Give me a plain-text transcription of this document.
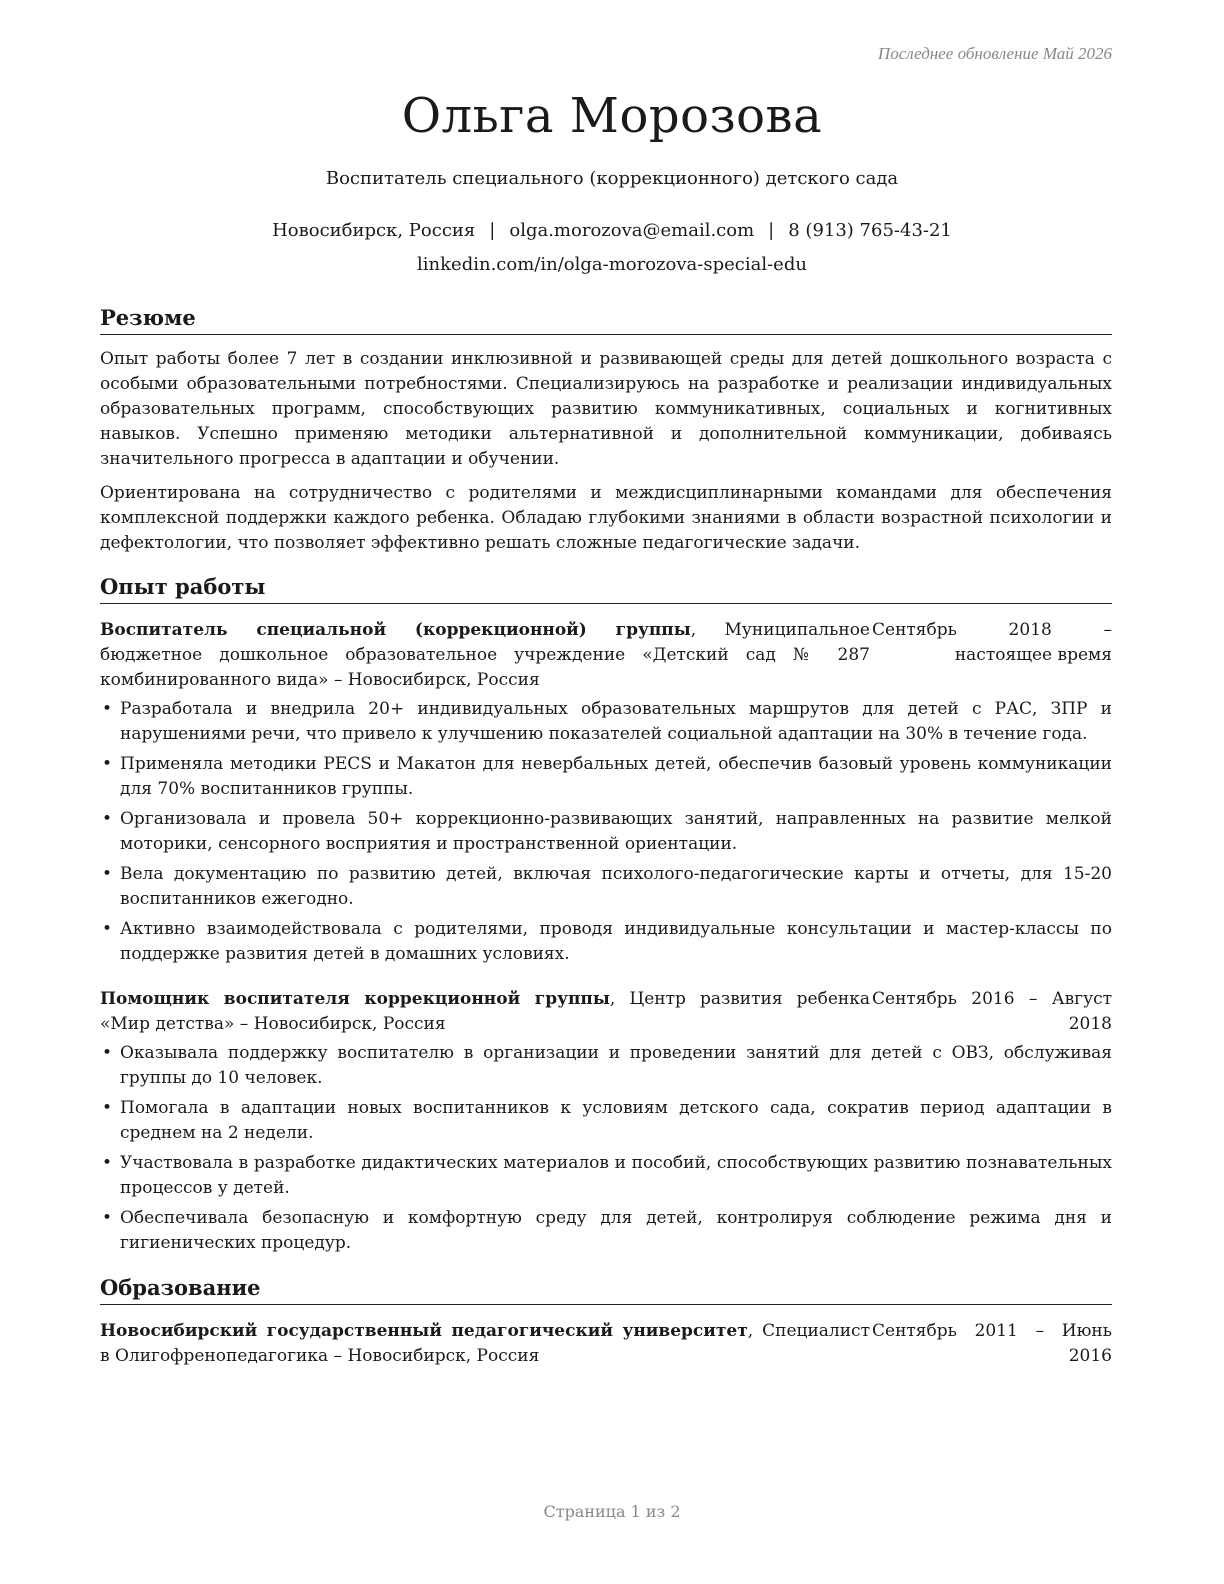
Последнее обновление Май 2026
Ольга Морозова
Воспитатель специального (коррекционного) детского сада
Новосибирск, Россия | olga.morozova@email.com | 8 (913) 765-43-21
linkedin.com/in/olga-morozova-special-edu
Резюме

Опыт работы более 7 лет в создании инклюзивной и развивающей среды для детей дошкольного возраста с особыми образовательными потребностями. Специализируюсь на разработке и реализации индивидуальных образовательных программ, способствующих развитию коммуникативных, социальных и когнитивных навыков. Успешно применяю методики альтернативной и дополнительной коммуникации, добиваясь значительного прогресса в адаптации и обучении.

Ориентирована на сотрудничество с родителями и междисциплинарными командами для обеспечения комплексной поддержки каждого ребенка. Обладаю глубокими знаниями в области возрастной психологии и дефектологии, что позволяет эффективно решать сложные педагогические задачи.

Опыт работы
Воспитатель специальной (коррекционной) группы, Муниципальное бюджетное дошкольное образовательное учреждение «Детский сад № 287 комбинированного вида» – Новосибирск, Россия
Сентябрь 2018 – настоящее время
• Разработала и внедрила 20+ индивидуальных образовательных маршрутов для детей с РАС, ЗПР и нарушениями речи, что привело к улучшению показателей социальной адаптации на 30% в течение года.
• Применяла методики PECS и Макатон для невербальных детей, обеспечив базовый уровень коммуникации для 70% воспитанников группы.
• Организовала и провела 50+ коррекционно-развивающих занятий, направленных на развитие мелкой моторики, сенсорного восприятия и пространственной ориентации.
• Вела документацию по развитию детей, включая психолого-педагогические карты и отчеты, для 15-20 воспитанников ежегодно.
• Активно взаимодействовала с родителями, проводя индивидуальные консультации и мастер-классы по поддержке развития детей в домашних условиях.
Помощник воспитателя коррекционной группы, Центр развития ребенка «Мир детства» – Новосибирск, Россия
Сентябрь 2016 – Август 2018
• Оказывала поддержку воспитателю в организации и проведении занятий для детей с ОВЗ, обслуживая группы до 10 человек.
• Помогала в адаптации новых воспитанников к условиям детского сада, сократив период адаптации в среднем на 2 недели.
• Участвовала в разработке дидактических материалов и пособий, способствующих развитию познавательных процессов у детей.
• Обеспечивала безопасную и комфортную среду для детей, контролируя соблюдение режима дня и гигиенических процедур.
Образование
Новосибирский государственный педагогический университет, Специалист в Олигофренопедагогика – Новосибирск, Россия
Сентябрь 2011 – Июнь 2016
Страница 1 из 2
